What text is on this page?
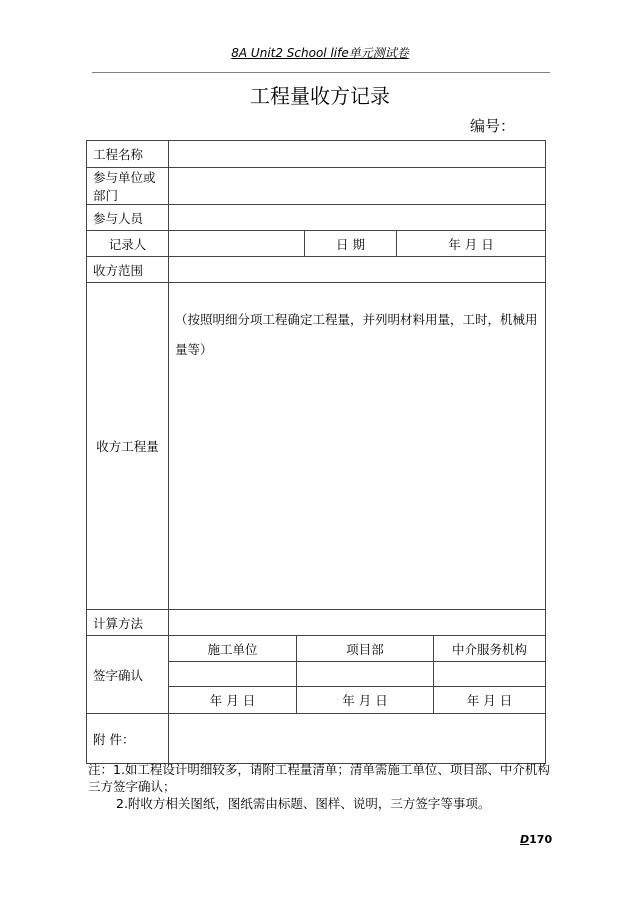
8A Unit2 School life单元测试卷
工程量收方记录
编号：
工程名称					
参与单位或部门					
参与人员					
记录人			日 期	年 月 日	
收方范围					
收方工程量	（按照明细分项工程确定工程量，并列明材料用量，工时，机械用量等）				

计算方法					
签字确认	施工单位	项目部			中介服务机构

	年 月 日	年 月 日			年 月 日
附 件：					
注：1.如工程设计明细较多，请附工程量清单；清单需施工单位、项目部、中介机构三方签字确认；
2.附收方相关图纸，图纸需由标题、图样、说明，三方签字等事项。
D170
